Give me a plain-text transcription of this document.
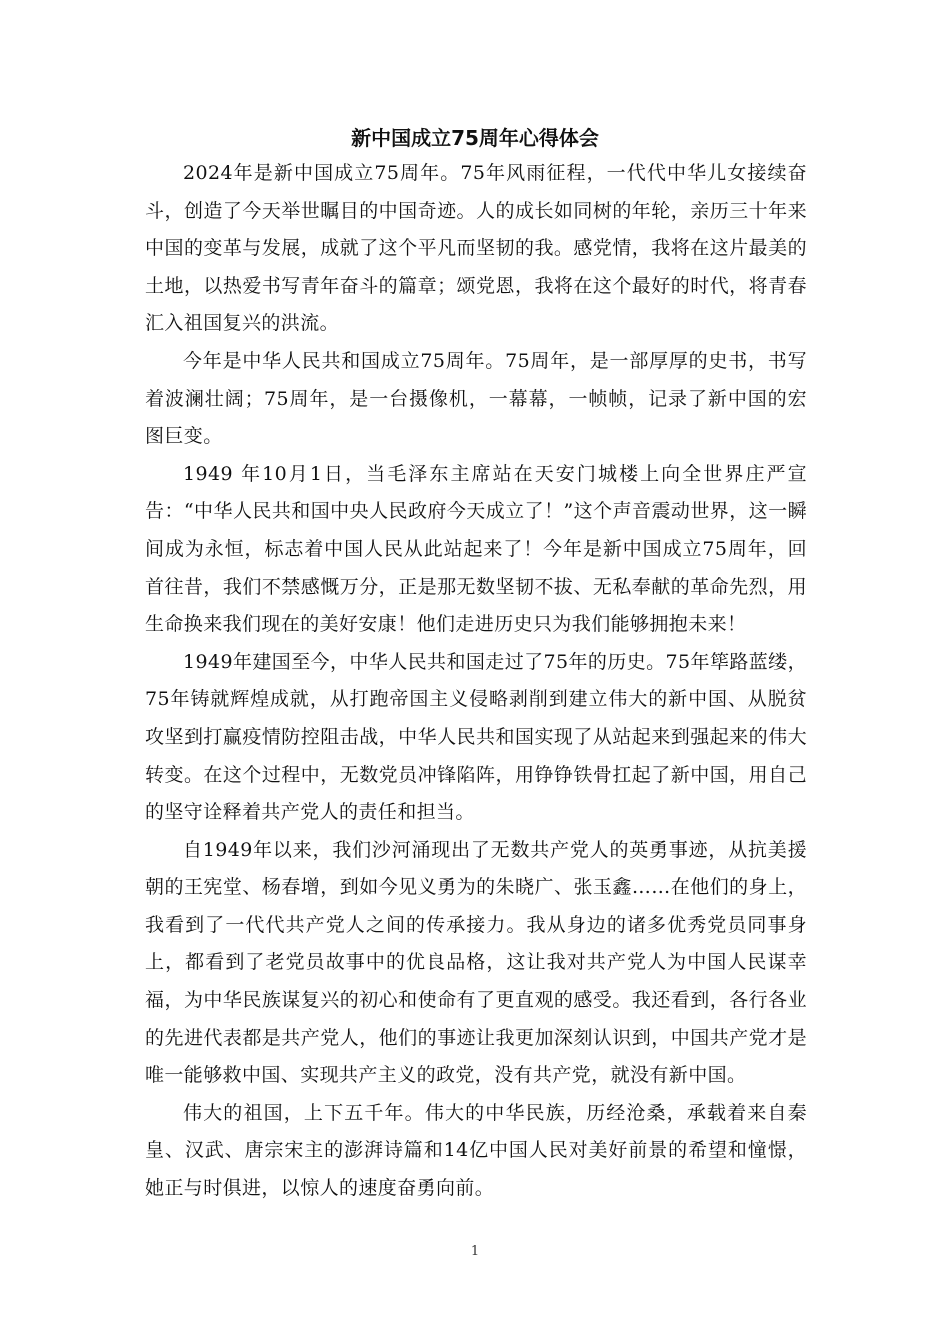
新中国成立75周年心得体会

2024年是新中国成立75周年。75年风雨征程，一代代中华儿女接续奋斗，创造了今天举世瞩目的中国奇迹。人的成长如同树的年轮，亲历三十年来中国的变革与发展，成就了这个平凡而坚韧的我。感党情，我将在这片最美的土地，以热爱书写青年奋斗的篇章；颂党恩，我将在这个最好的时代，将青春汇入祖国复兴的洪流。

今年是中华人民共和国成立75周年。75周年，是一部厚厚的史书，书写着波澜壮阔；75周年，是一台摄像机，一幕幕，一帧帧，记录了新中国的宏图巨变。

1949 年10月1日，当毛泽东主席站在天安门城楼上向全世界庄严宣告：“中华人民共和国中央人民政府今天成立了！”这个声音震动世界，这一瞬间成为永恒，标志着中国人民从此站起来了！今年是新中国成立75周年，回首往昔，我们不禁感慨万分，正是那无数坚韧不拔、无私奉献的革命先烈，用生命换来我们现在的美好安康！他们走进历史只为我们能够拥抱未来！

1949年建国至今，中华人民共和国走过了75年的历史。75年筚路蓝缕，75年铸就辉煌成就，从打跑帝国主义侵略剥削到建立伟大的新中国、从脱贫攻坚到打赢疫情防控阻击战，中华人民共和国实现了从站起来到强起来的伟大转变。在这个过程中，无数党员冲锋陷阵，用铮铮铁骨扛起了新中国，用自己的坚守诠释着共产党人的责任和担当。

自1949年以来，我们沙河涌现出了无数共产党人的英勇事迹，从抗美援朝的王宪堂、杨春增，到如今见义勇为的朱晓广、张玉鑫……在他们的身上，我看到了一代代共产党人之间的传承接力。我从身边的诸多优秀党员同事身上，都看到了老党员故事中的优良品格，这让我对共产党人为中国人民谋幸福，为中华民族谋复兴的初心和使命有了更直观的感受。我还看到，各行各业的先进代表都是共产党人，他们的事迹让我更加深刻认识到，中国共产党才是唯一能够救中国、实现共产主义的政党，没有共产党，就没有新中国。

伟大的祖国，上下五千年。伟大的中华民族，历经沧桑，承载着来自秦皇、汉武、唐宗宋主的澎湃诗篇和14亿中国人民对美好前景的希望和憧憬，她正与时俱进，以惊人的速度奋勇向前。

1
